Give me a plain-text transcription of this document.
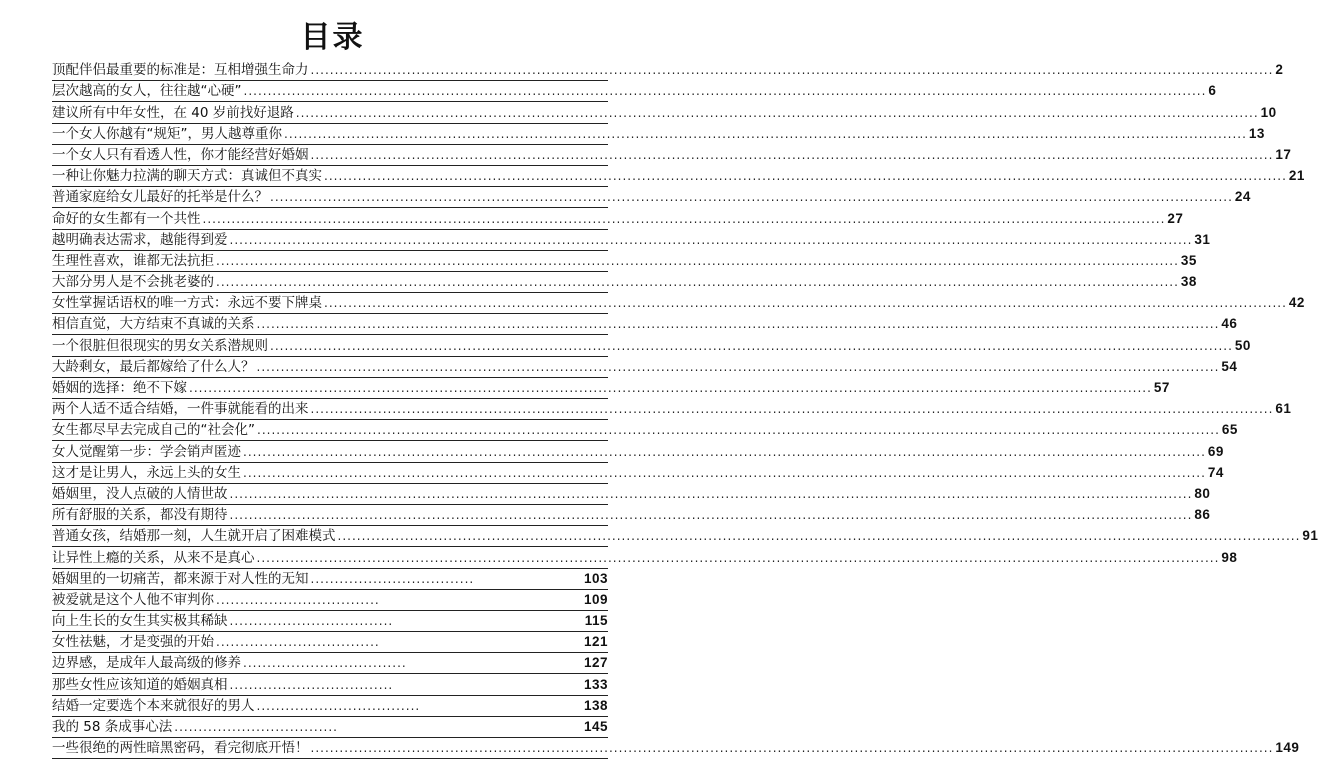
目录
顶配伴侣最重要的标准是：互相增强生命力 ........................................................................................................................................................................................................ 2
层次越高的女人，往往越“心硬” ........................................................................................................................................................................................................ 6
建议所有中年女性，在 40 岁前找好退路 ........................................................................................................................................................................................................ 10
一个女人你越有“规矩”，男人越尊重你 ........................................................................................................................................................................................................ 13
一个女人只有看透人性，你才能经营好婚姻 ........................................................................................................................................................................................................ 17
一种让你魅力拉满的聊天方式：真诚但不真实 ........................................................................................................................................................................................................ 21
普通家庭给女儿最好的托举是什么？ ........................................................................................................................................................................................................ 24
命好的女生都有一个共性 ........................................................................................................................................................................................................ 27
越明确表达需求，越能得到爱 ........................................................................................................................................................................................................ 31
生理性喜欢，谁都无法抗拒 ........................................................................................................................................................................................................ 35
大部分男人是不会挑老婆的 ........................................................................................................................................................................................................ 38
女性掌握话语权的唯一方式：永远不要下牌桌 ........................................................................................................................................................................................................ 42
相信直觉，大方结束不真诚的关系 ........................................................................................................................................................................................................ 46
一个很脏但很现实的男女关系潜规则 ........................................................................................................................................................................................................ 50
大龄剩女，最后都嫁给了什么人？ ........................................................................................................................................................................................................ 54
婚姻的选择：绝不下嫁 ........................................................................................................................................................................................................ 57
两个人适不适合结婚，一件事就能看的出来 ........................................................................................................................................................................................................ 61
女生都尽早去完成自己的“社会化” ........................................................................................................................................................................................................ 65
女人觉醒第一步：学会销声匿迹 ........................................................................................................................................................................................................ 69
这才是让男人，永远上头的女生 ........................................................................................................................................................................................................ 74
婚姻里，没人点破的人情世故 ........................................................................................................................................................................................................ 80
所有舒服的关系，都没有期待 ........................................................................................................................................................................................................ 86
普通女孩，结婚那一刻，人生就开启了困难模式 ........................................................................................................................................................................................................ 91
让异性上瘾的关系，从来不是真心 ........................................................................................................................................................................................................ 98
婚姻里的一切痛苦，都来源于对人性的无知 ..................................	103
被爱就是这个人他不审判你 ..................................	109
向上生长的女生其实极其稀缺 ..................................	115
女性祛魅，才是变强的开始 ..................................	121
边界感，是成年人最高级的修养 ..................................	127
那些女性应该知道的婚姻真相 ..................................	133
结婚一定要选个本来就很好的男人 ..................................	138
我的 58 条成事心法 ..................................	145
一些很绝的两性暗黑密码，看完彻底开悟！ ........................................................................................................................................................................................................ 149
